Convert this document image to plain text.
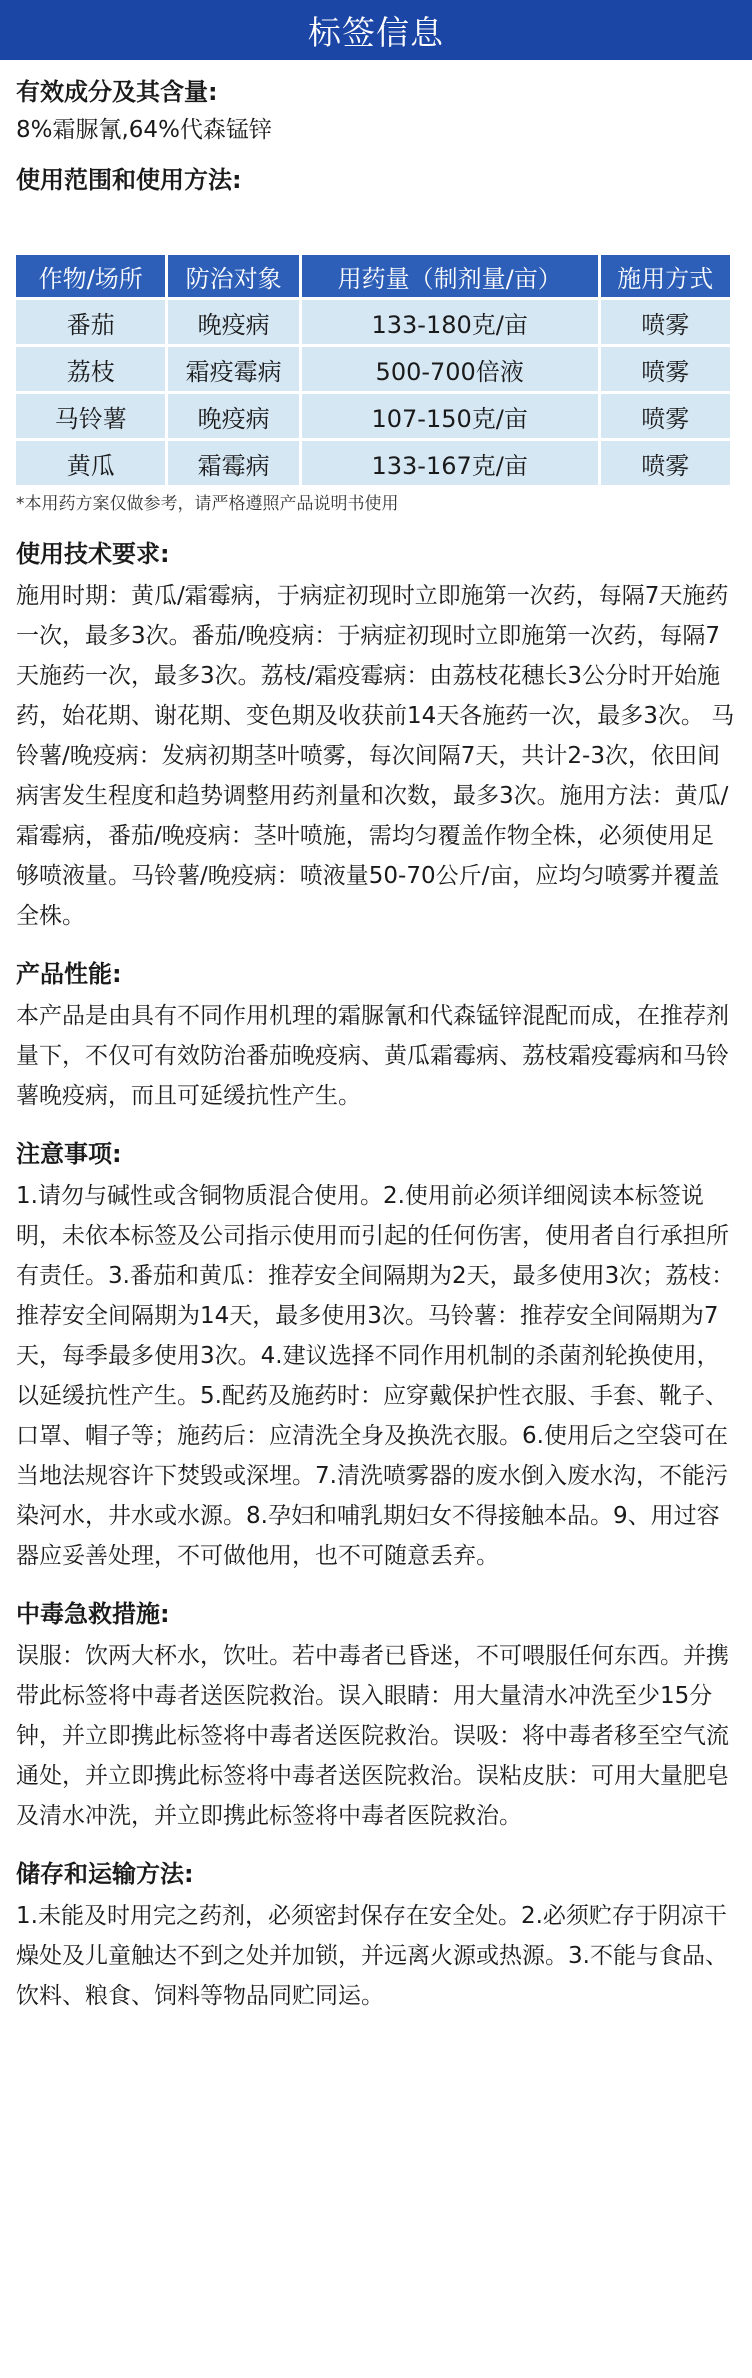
标签信息
有效成分及其含量:
8%霜脲氰,64%代森锰锌
使用范围和使用方法:
作物/场所	防治对象	用药量（制剂量/亩）	施用方式
番茄	晚疫病	133-180克/亩	喷雾
荔枝	霜疫霉病	500-700倍液	喷雾
马铃薯	晚疫病	107-150克/亩	喷雾
黄瓜	霜霉病	133-167克/亩	喷雾
*本用药方案仅做参考，请严格遵照产品说明书使用
使用技术要求:
施用时期：黄瓜/霜霉病，于病症初现时立即施第一次药，每隔7天施药一次，最多3次。番茄/晚疫病：于病症初现时立即施第一次药，每隔7天施药一次，最多3次。荔枝/霜疫霉病：由荔枝花穗长3公分时开始施药，始花期、谢花期、变色期及收获前14天各施药一次，最多3次。 马铃薯/晚疫病：发病初期茎叶喷雾，每次间隔7天，共计2-3次，依田间病害发生程度和趋势调整用药剂量和次数，最多3次。施用方法：黄瓜/霜霉病，番茄/晚疫病：茎叶喷施，需均匀覆盖作物全株，必须使用足够喷液量。马铃薯/晚疫病：喷液量50-70公斤/亩，应均匀喷雾并覆盖全株。
产品性能:
本产品是由具有不同作用机理的霜脲氰和代森锰锌混配而成，在推荐剂量下，不仅可有效防治番茄晚疫病、黄瓜霜霉病、荔枝霜疫霉病和马铃薯晚疫病，而且可延缓抗性产生。
注意事项:
1.请勿与碱性或含铜物质混合使用。2.使用前必须详细阅读本标签说明，未依本标签及公司指示使用而引起的任何伤害，使用者自行承担所有责任。3.番茄和黄瓜：推荐安全间隔期为2天，最多使用3次；荔枝：推荐安全间隔期为14天，最多使用3次。马铃薯：推荐安全间隔期为7天，每季最多使用3次。4.建议选择不同作用机制的杀菌剂轮换使用，以延缓抗性产生。5.配药及施药时：应穿戴保护性衣服、手套、靴子、口罩、帽子等；施药后：应清洗全身及换洗衣服。6.使用后之空袋可在当地法规容许下焚毁或深埋。7.清洗喷雾器的废水倒入废水沟，不能污染河水，井水或水源。8.孕妇和哺乳期妇女不得接触本品。9、用过容器应妥善处理，不可做他用，也不可随意丢弃。
中毒急救措施:
误服：饮两大杯水，饮吐。若中毒者已昏迷，不可喂服任何东西。并携带此标签将中毒者送医院救治。误入眼睛：用大量清水冲洗至少15分钟，并立即携此标签将中毒者送医院救治。误吸：将中毒者移至空气流通处，并立即携此标签将中毒者送医院救治。误粘皮肤：可用大量肥皂及清水冲洗，并立即携此标签将中毒者医院救治。
储存和运输方法:
1.未能及时用完之药剂，必须密封保存在安全处。2.必须贮存于阴凉干燥处及儿童触达不到之处并加锁，并远离火源或热源。3.不能与食品、饮料、粮食、饲料等物品同贮同运。
